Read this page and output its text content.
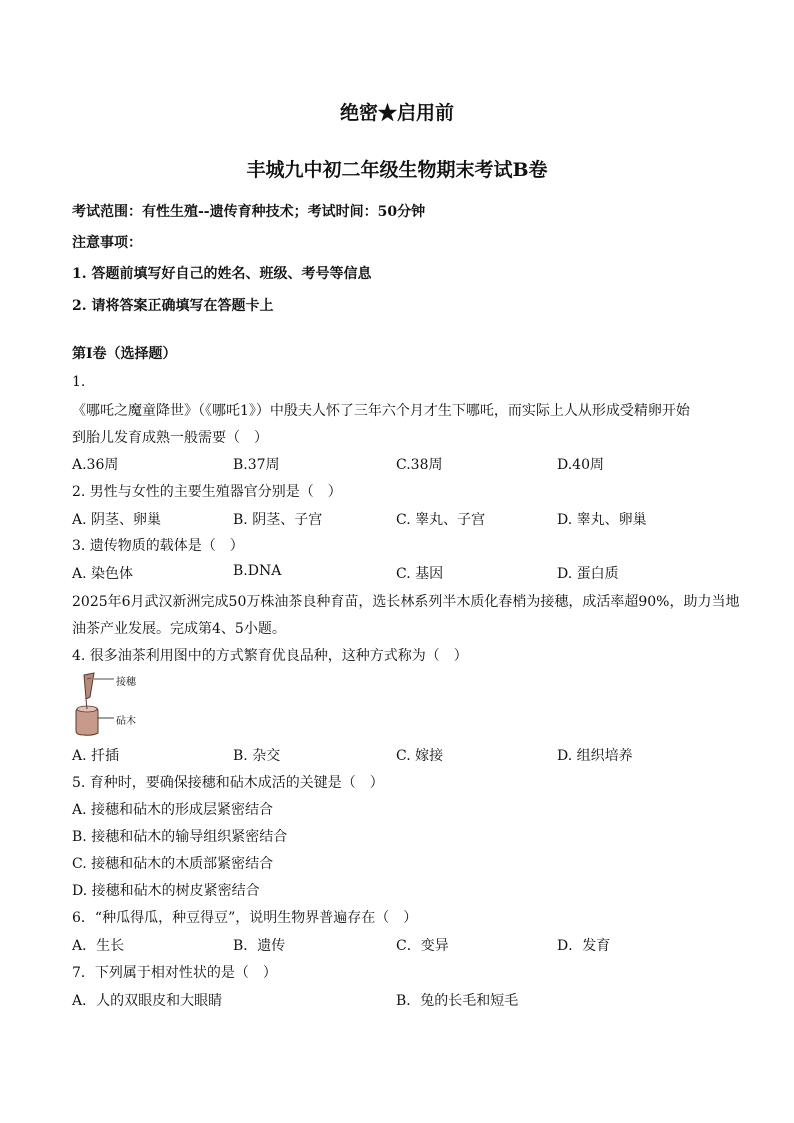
绝密★启用前
丰城九中初二年级生物期末考试B卷
考试范围：有性生殖--遗传育种技术；考试时间：50分钟
注意事项：
1. 答题前填写好自己的姓名、班级、考号等信息
2. 请将答案正确填写在答题卡上
第Ⅰ卷（选择题）
1.
《哪吒之魔童降世》（《哪吒1》）中殷夫人怀了三年六个月才生下哪吒，而实际上人从形成受精卵开始
到胎儿发育成熟一般需要（　）
A.36周	B.37周	C.38周	D.40周
2. 男性与女性的主要生殖器官分别是（　）
A. 阴茎、卵巢	B. 阴茎、子宫	C. 睾丸、子宫	D. 睾丸、卵巢
3. 遗传物质的载体是（　）
A. 染色体	B.DNA	C. 基因	D. 蛋白质
2025年6月武汉新洲完成50万株油茶良种育苗，选长林系列半木质化春梢为接穗，成活率超90%，助力当地
油茶产业发展。完成第4、5小题。
4. 很多油茶利用图中的方式繁育优良品种，这种方式称为（　）
接穗
砧木
A. 扦插	B. 杂交	C. 嫁接	D. 组织培养
5. 育种时，要确保接穗和砧木成活的关键是（　）
A. 接穗和砧木的形成层紧密结合
B. 接穗和砧木的输导组织紧密结合
C. 接穗和砧木的木质部紧密结合
D. 接穗和砧木的树皮紧密结合
6．“种瓜得瓜，种豆得豆”，说明生物界普遍存在（　）
A．生长	B．遗传	C．变异	D．发育
7．下列属于相对性状的是（　）
A．人的双眼皮和大眼睛	B．兔的长毛和短毛
